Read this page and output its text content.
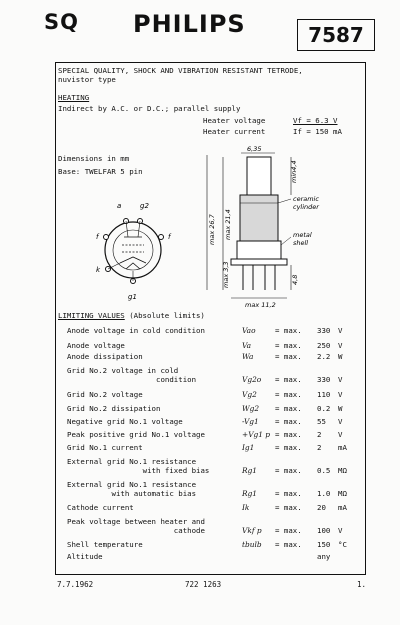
SQ PHILIPS	7587
SPECIAL QUALITY, SHOCK AND VIBRATION RESISTANT TETRODE,
nuvistor type
HEATING
Indirect by A.C. or D.C.; parallel supply
Heater voltage	Vf = 6.3 V
Heater current	If = 150 mA
Dimensions in mm
Base: TWELFAR 5 pin
a	g2
f	f
k
g1
6,35
min4,4
max 21,4
max 26,7
max 3,3	4,8
max 11,2
ceramic
cylinder
metal
shell
LIMITING VALUES (Absolute limits)
Anode voltage in cold condition	Vao	= max. 330 V
Anode voltage	Va	= max. 250 V
Anode dissipation	Wa	= max. 2.2 W
Grid No.2 voltage in cold
condition	Vg2o = max. 330 V
Grid No.2 voltage	Vg2 = max. 110 V
Grid No.2 dissipation	Wg2 = max. 0.2 W
Negative grid No.1 voltage	-Vg1 = max. 55 V
Peak positive grid No.1 voltage	+Vg1 p = max. 2 V
Grid No.1 current	Ig1	= max. 2 mA
External grid No.1 resistance
with fixed bias	Rg1 = max. 0.5 MΩ
External grid No.1 resistance
with automatic bias	Rg1 = max. 1.0 MΩ
Cathode current	Ik	= max. 20 mA
Peak voltage between heater and
cathode	Vkf p = max. 100 V
Shell temperature	tbulb = max. 150 °C
Altitude	any
7.7.1962	722 1263	1.
